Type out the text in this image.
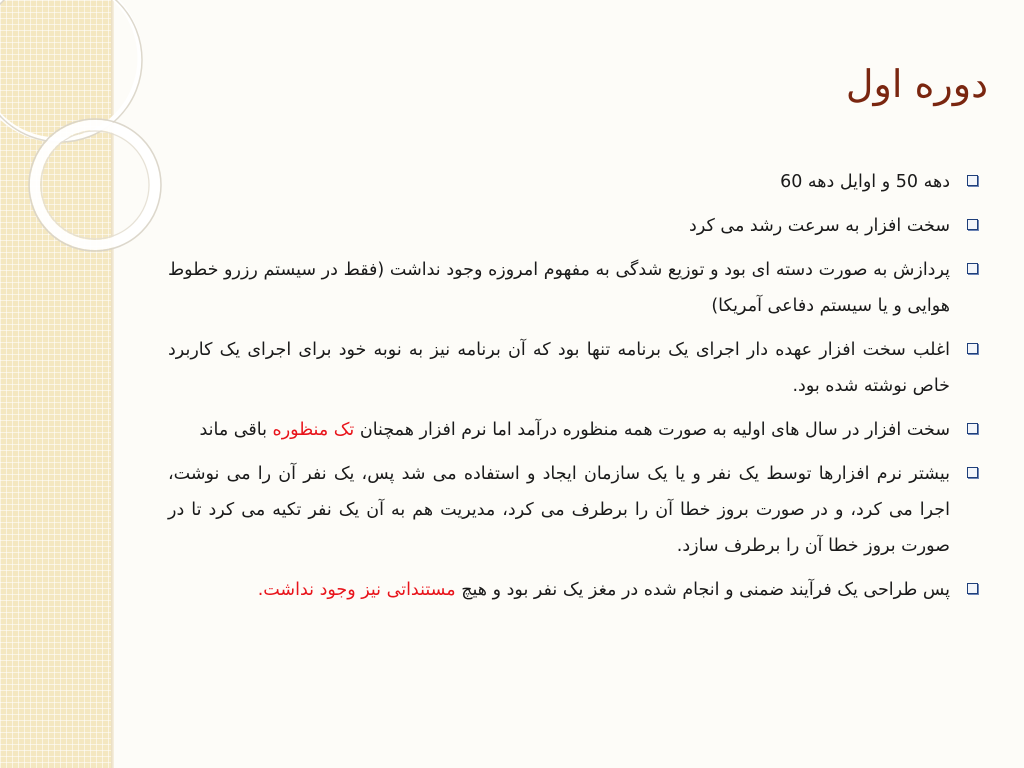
دوره اول
دهه 50 و اوایل دهه 60
سخت افزار به سرعت رشد می کرد
پردازش به صورت دسته ای بود و توزیع شدگی به مفهوم امروزه وجود نداشت (فقط در سیستم رزرو خطوط هوایی و یا سیستم دفاعی آمریکا)
اغلب سخت افزار عهده دار اجرای یک برنامه تنها بود که آن برنامه نیز به نوبه خود برای اجرای یک کاربرد خاص نوشته شده بود.
سخت افزار در سال های اولیه به صورت همه منظوره درآمد اما نرم افزار همچنان تک منظوره باقی ماند
بیشتر نرم افزارها توسط یک نفر و یا یک سازمان ایجاد و استفاده می شد پس، یک نفر آن را می نوشت، اجرا می کرد، و در صورت بروز خطا آن را برطرف می کرد، مدیریت هم به آن یک نفر تکیه می کرد تا در صورت بروز خطا آن را برطرف سازد.
پس طراحی یک فرآیند ضمنی و انجام شده در مغز یک نفر بود و هیچ مستنداتی نیز وجود نداشت.
